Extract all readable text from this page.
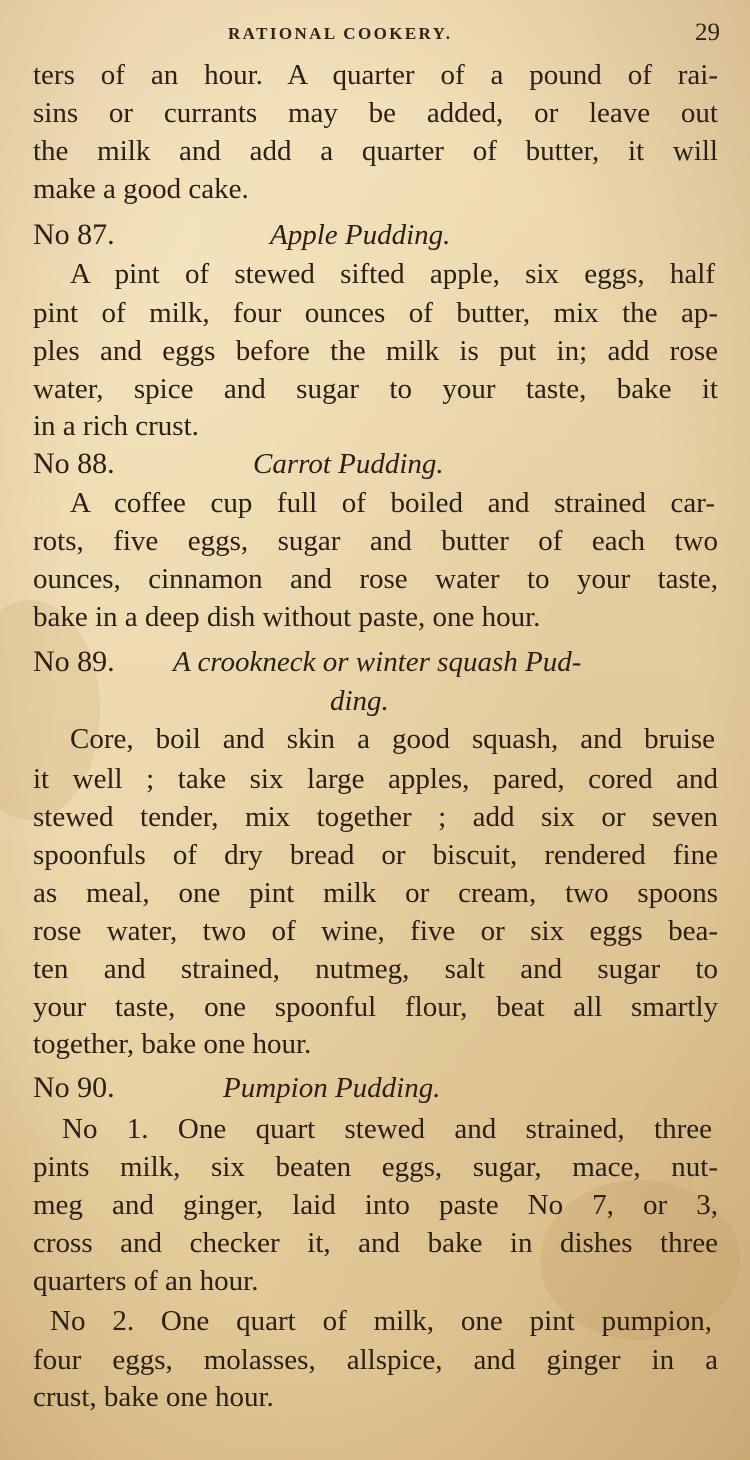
RATIONAL COOKERY.	29
ters of an hour. A quarter of a pound of rai-
sins or currants may be added, or leave out
the milk and add a quarter of butter, it will
make a good cake.
No 87.	Apple Pudding.
A pint of stewed sifted apple, six eggs, half
pint of milk, four ounces of butter, mix the ap-
ples and eggs before the milk is put in; add rose
water, spice and sugar to your taste, bake it
in a rich crust.
No 88.	Carrot Pudding.
A coffee cup full of boiled and strained car-
rots, five eggs, sugar and butter of each two
ounces, cinnamon and rose water to your taste,
bake in a deep dish without paste, one hour.
No 89. A crookneck or winter squash Pud-
ding.
Core, boil and skin a good squash, and bruise
it well ; take six large apples, pared, cored and
stewed tender, mix together ; add six or seven
spoonfuls of dry bread or biscuit, rendered fine
as meal, one pint milk or cream, two spoons
rose water, two of wine, five or six eggs bea-
ten and strained, nutmeg, salt and sugar to
your taste, one spoonful flour, beat all smartly
together, bake one hour.
No 90.	Pumpion Pudding.
No 1. One quart stewed and strained, three
pints milk, six beaten eggs, sugar, mace, nut-
meg and ginger, laid into paste No 7, or 3,
cross and checker it, and bake in dishes three
quarters of an hour.
No 2. One quart of milk, one pint pumpion,
four eggs, molasses, allspice, and ginger in a
crust, bake one hour.
